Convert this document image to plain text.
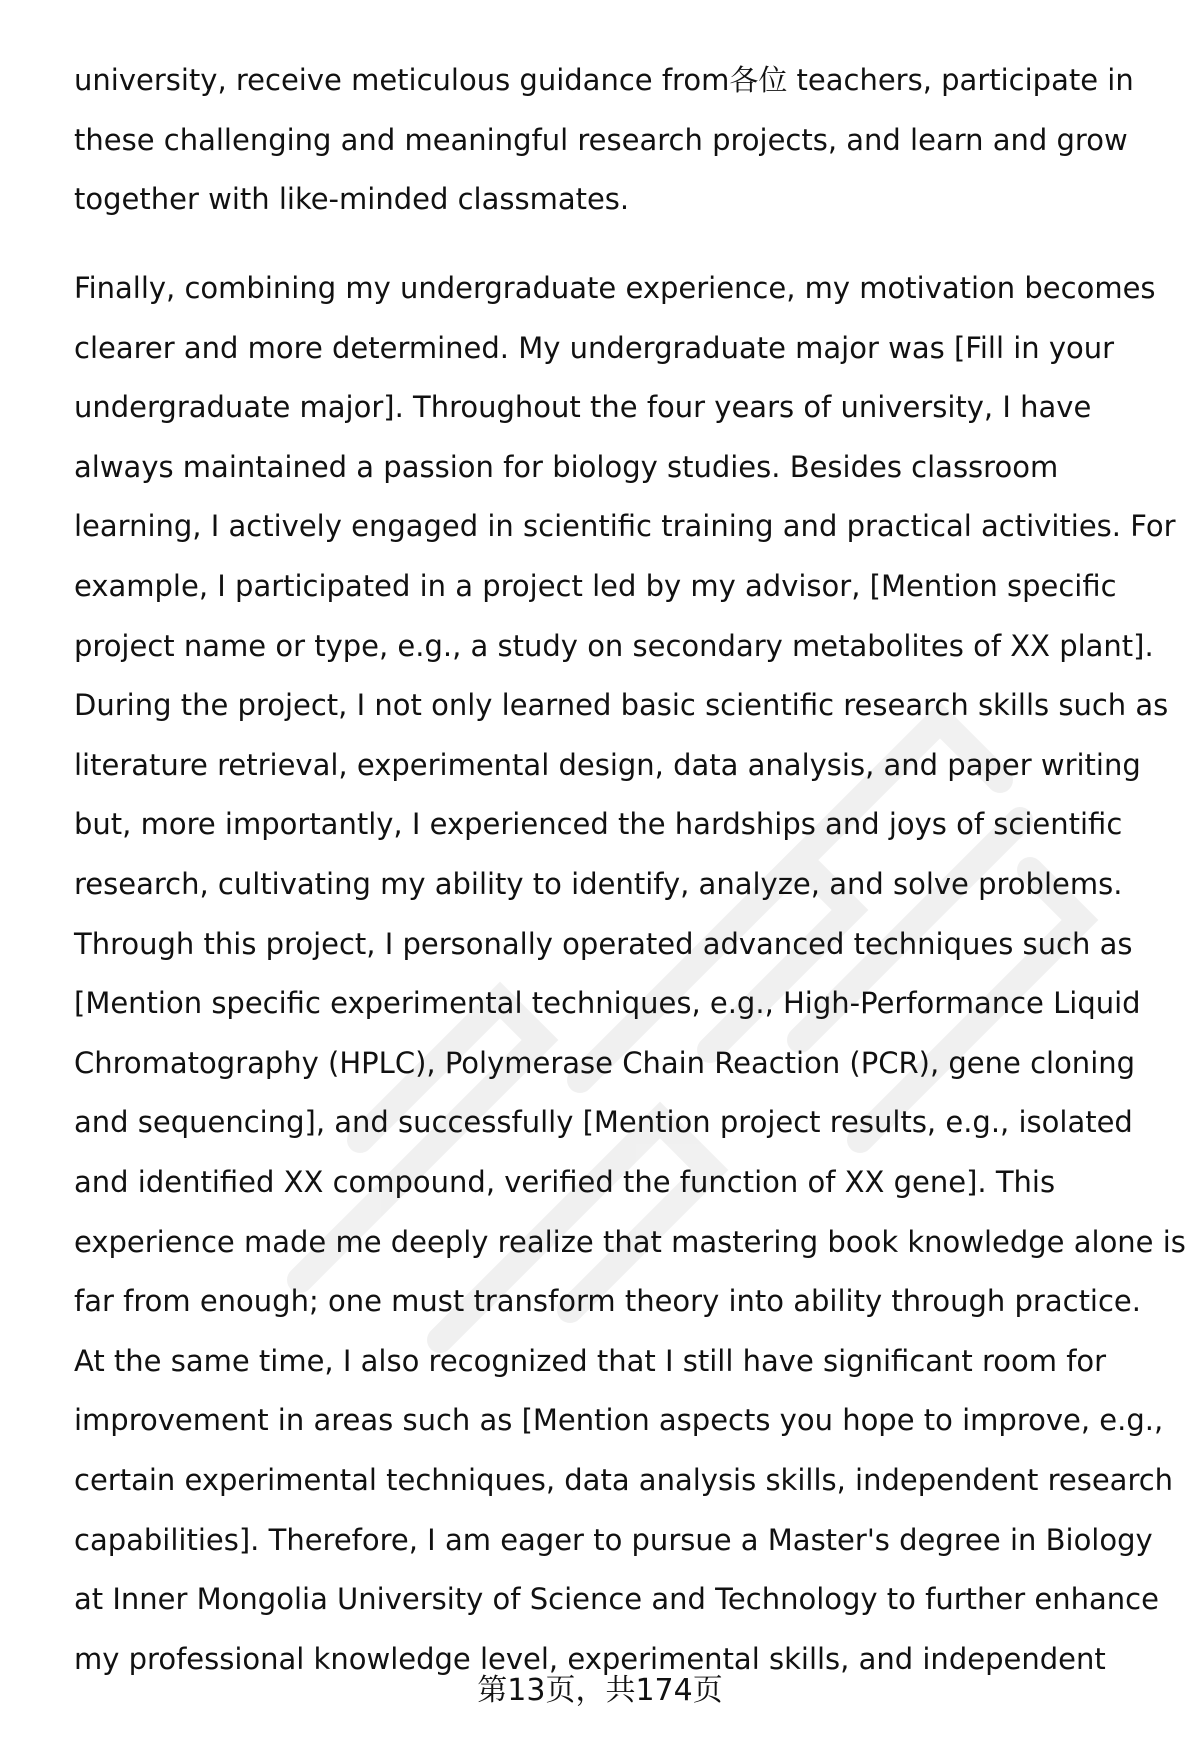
university, receive meticulous guidance from各位 teachers, participate in
these challenging and meaningful research projects, and learn and grow
together with like-minded classmates.
Finally, combining my undergraduate experience, my motivation becomes
clearer and more determined. My undergraduate major was [Fill in your
undergraduate major]. Throughout the four years of university, I have
always maintained a passion for biology studies. Besides classroom
learning, I actively engaged in scientific training and practical activities. For
example, I participated in a project led by my advisor, [Mention specific
project name or type, e.g., a study on secondary metabolites of XX plant].
During the project, I not only learned basic scientific research skills such as
literature retrieval, experimental design, data analysis, and paper writing
but, more importantly, I experienced the hardships and joys of scientific
research, cultivating my ability to identify, analyze, and solve problems.
Through this project, I personally operated advanced techniques such as
[Mention specific experimental techniques, e.g., High-Performance Liquid
Chromatography (HPLC), Polymerase Chain Reaction (PCR), gene cloning
and sequencing], and successfully [Mention project results, e.g., isolated
and identified XX compound, verified the function of XX gene]. This
experience made me deeply realize that mastering book knowledge alone is
far from enough; one must transform theory into ability through practice.
At the same time, I also recognized that I still have significant room for
improvement in areas such as [Mention aspects you hope to improve, e.g.,
certain experimental techniques, data analysis skills, independent research
capabilities]. Therefore, I am eager to pursue a Master's degree in Biology
at Inner Mongolia University of Science and Technology to further enhance
my professional knowledge level, experimental skills, and independent
第13页，共174页
